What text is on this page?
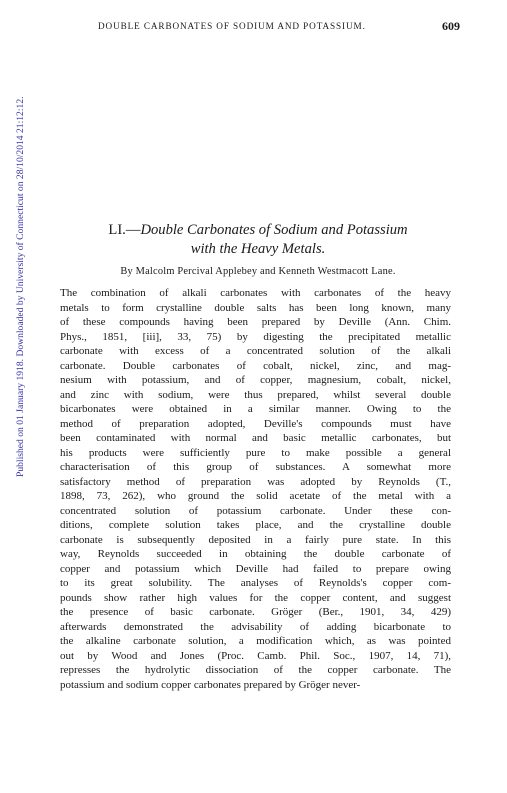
Published on 01 January 1918. Downloaded by University of Connecticut on 28/10/2014 21:12:12.
DOUBLE CARBONATES OF SODIUM AND POTASSIUM.	609
LI.—Double Carbonates of Sodium and Potassium
with the Heavy Metals.
By Malcolm Percival Applebey and Kenneth Westmacott Lane.
The combination of alkali carbonates with carbonates of the heavy
metals to form crystalline double salts has been long known, many
of these compounds having been prepared by Deville (Ann. Chim.
Phys., 1851, [iii], 33, 75) by digesting the precipitated metallic
carbonate with excess of a concentrated solution of the alkali
carbonate. Double carbonates of cobalt, nickel, zinc, and mag-
nesium with potassium, and of copper, magnesium, cobalt, nickel,
and zinc with sodium, were thus prepared, whilst several double
bicarbonates were obtained in a similar manner. Owing to the
method of preparation adopted, Deville's compounds must have
been contaminated with normal and basic metallic carbonates, but
his products were sufficiently pure to make possible a general
characterisation of this group of substances. A somewhat more
satisfactory method of preparation was adopted by Reynolds (T.,
1898, 73, 262), who ground the solid acetate of the metal with a
concentrated solution of potassium carbonate. Under these con-
ditions, complete solution takes place, and the crystalline double
carbonate is subsequently deposited in a fairly pure state. In this
way, Reynolds succeeded in obtaining the double carbonate of
copper and potassium which Deville had failed to prepare owing
to its great solubility. The analyses of Reynolds's copper com-
pounds show rather high values for the copper content, and suggest
the presence of basic carbonate. Gröger (Ber., 1901, 34, 429)
afterwards demonstrated the advisability of adding bicarbonate to
the alkaline carbonate solution, a modification which, as was pointed
out by Wood and Jones (Proc. Camb. Phil. Soc., 1907, 14, 71),
represses the hydrolytic dissociation of the copper carbonate. The
potassium and sodium copper carbonates prepared by Gröger never-
